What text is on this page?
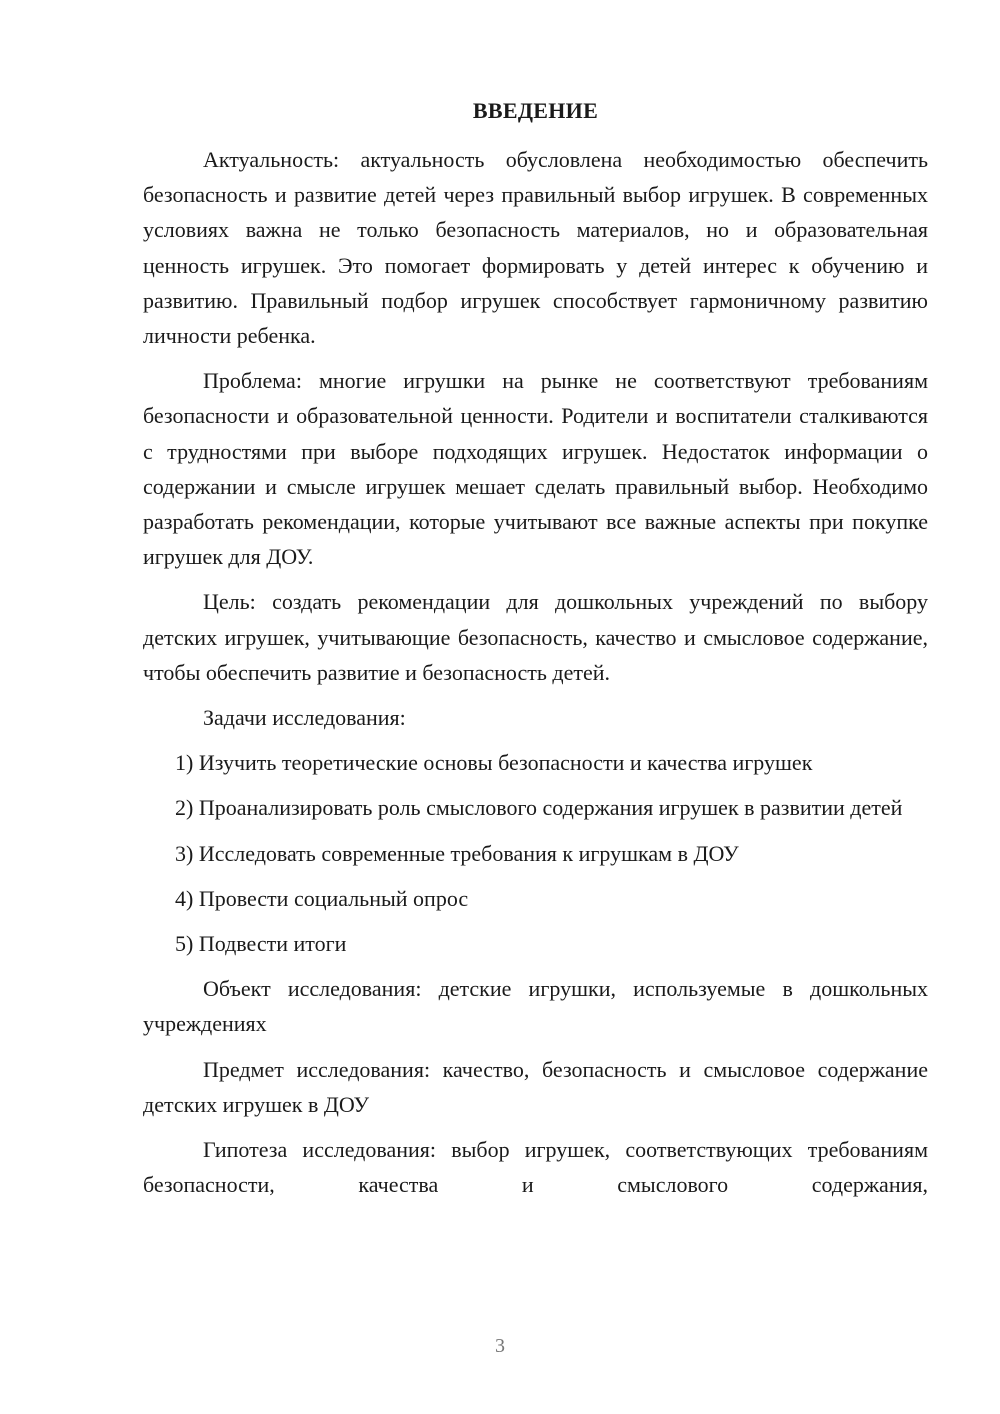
ВВЕДЕНИЕ

Актуальность: актуальность обусловлена необходимостью обеспечить безопасность и развитие детей через правильный выбор игрушек. В современных условиях важна не только безопасность материалов, но и образовательная ценность игрушек. Это помогает формировать у детей интерес к обучению и развитию. Правильный подбор игрушек способствует гармоничному развитию личности ребенка.

Проблема: многие игрушки на рынке не соответствуют требованиям безопасности и образовательной ценности. Родители и воспитатели сталкиваются с трудностями при выборе подходящих игрушек. Недостаток информации о содержании и смысле игрушек мешает сделать правильный выбор. Необходимо разработать рекомендации, которые учитывают все важные аспекты при покупке игрушек для ДОУ.

Цель: создать рекомендации для дошкольных учреждений по выбору детских игрушек, учитывающие безопасность, качество и смысловое содержание, чтобы обеспечить развитие и безопасность детей.

Задачи исследования:

1) Изучить теоретические основы безопасности и качества игрушек

2) Проанализировать роль смыслового содержания игрушек в развитии детей

3) Исследовать современные требования к игрушкам в ДОУ

4) Провести социальный опрос

5) Подвести итоги

Объект исследования: детские игрушки, используемые в дошкольных учреждениях

Предмет исследования: качество, безопасность и смысловое содержание детских игрушек в ДОУ

Гипотеза исследования: выбор игрушек, соответствующих требованиям безопасности, качества и смыслового содержания,

3
